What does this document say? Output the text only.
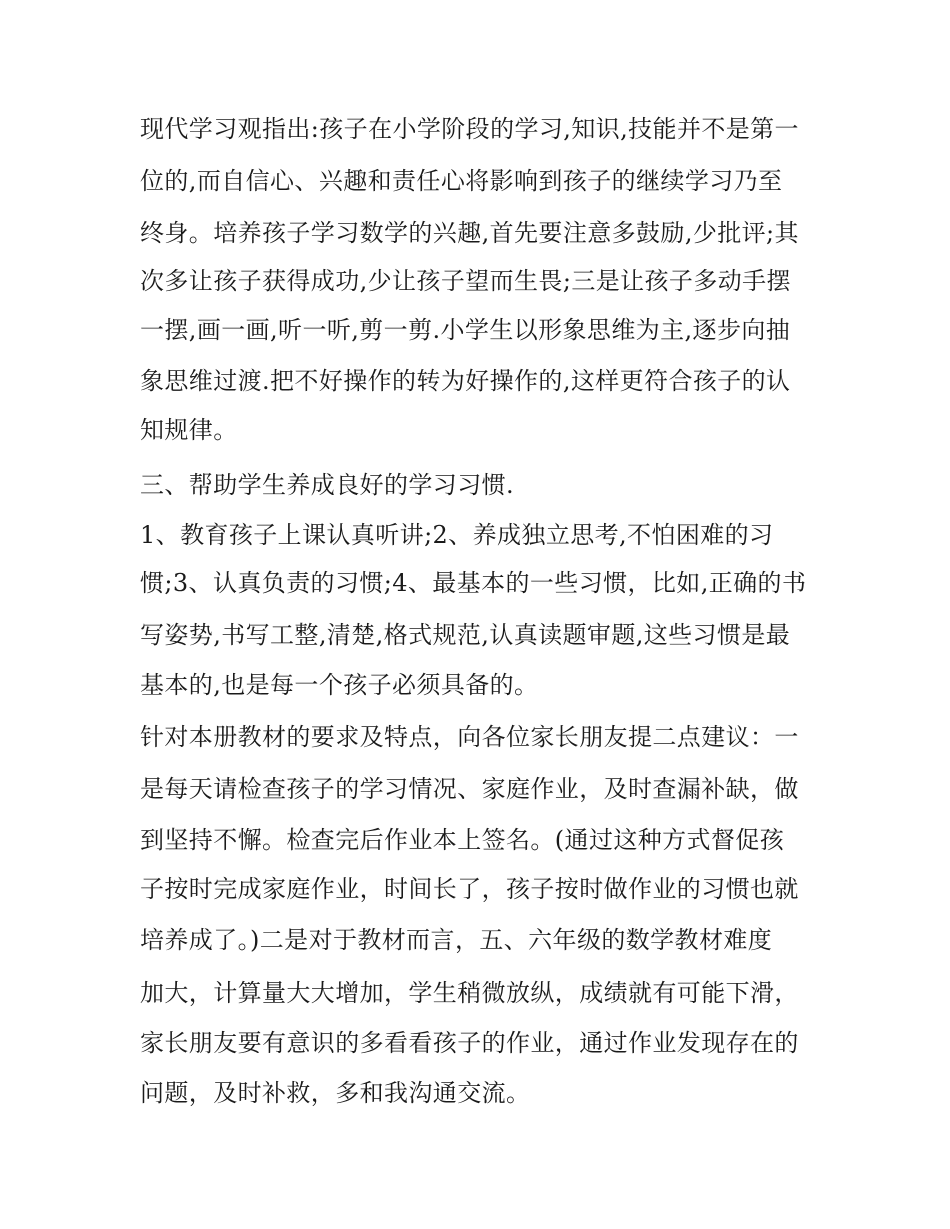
现代学习观指出:孩子在小学阶段的学习,知识,技能并不是第一
位的,而自信心、兴趣和责任心将影响到孩子的继续学习乃至
终身。培养孩子学习数学的兴趣,首先要注意多鼓励,少批评;其
次多让孩子获得成功,少让孩子望而生畏;三是让孩子多动手摆
一摆,画一画,听一听,剪一剪.小学生以形象思维为主,逐步向抽
象思维过渡.把不好操作的转为好操作的,这样更符合孩子的认
知规律。
三、帮助学生养成良好的学习习惯.
1、教育孩子上课认真听讲;2、养成独立思考,不怕困难的习
惯;3、认真负责的习惯;4、最基本的一些习惯，比如,正确的书
写姿势,书写工整,清楚,格式规范,认真读题审题,这些习惯是最
基本的,也是每一个孩子必须具备的。
针对本册教材的要求及特点，向各位家长朋友提二点建议：一
是每天请检查孩子的学习情况、家庭作业，及时查漏补缺，做
到坚持不懈。检查完后作业本上签名。(通过这种方式督促孩
子按时完成家庭作业，时间长了，孩子按时做作业的习惯也就
培养成了。)二是对于教材而言，五、六年级的数学教材难度
加大，计算量大大增加，学生稍微放纵，成绩就有可能下滑，
家长朋友要有意识的多看看孩子的作业，通过作业发现存在的
问题，及时补救，多和我沟通交流。
